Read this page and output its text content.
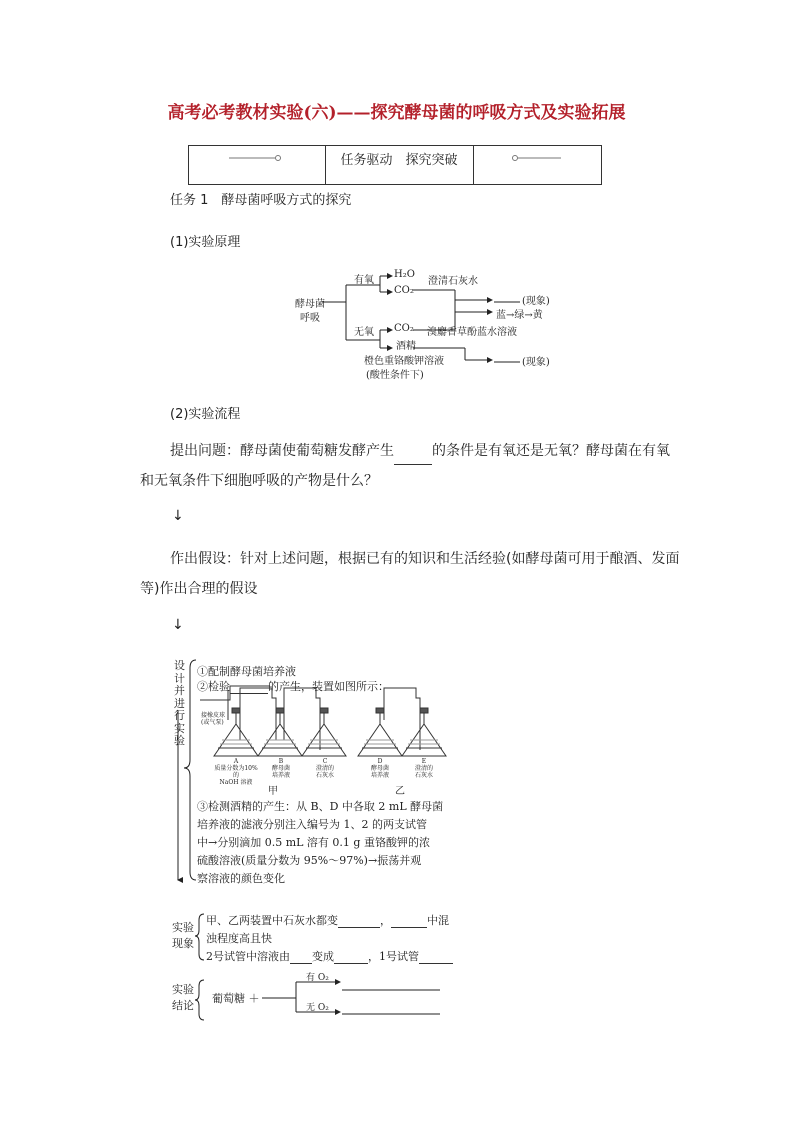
高考必考教材实验(六)——探究酵母菌的呼吸方式及实验拓展
任务驱动　探究突破
任务 1　酵母菌呼吸方式的探究
(1)实验原理
酵母菌
呼吸
有氧
无氧
H₂O
CO₂
CO₂
酒精
澄清石灰水
(现象)
溴麝香草酚蓝水溶液
蓝→绿→黄
橙色重铬酸钾溶液
(酸性条件下)
(现象)
(2)实验流程
提出问题：酵母菌使葡萄糖发酵产生	的条件是有氧还是无氧？酵母菌在有氧
和无氧条件下细胞呼吸的产物是什么？
↓
作出假设：针对上述问题，根据已有的知识和生活经验(如酵母菌可用于酿酒、发面
等)作出合理的假设
↓
设
计
并
进
行
实
验
①配制酵母菌培养液
②检验	的产生，装置如图所示：
接橡皮球
(或气泵)
A
质量分数为10%的
NaOH 溶液
B
酵母菌
培养液
C
澄清的
石灰水
D
酵母菌
培养液
E
澄清的
石灰水
甲	乙
③检测酒精的产生：从 B、D 中各取 2 mL 酵母菌
培养液的滤液分别注入编号为 1、2 的两支试管
中→分别滴加 0.5 mL 溶有 0.1 g 重铬酸钾的浓
硫酸溶液(质量分数为 95%～97%)→振荡并观
察溶液的颜色变化
实验
现象
甲、乙两装置中石灰水都变	，	中混
浊程度高且快
2号试管中溶液由 变成	，1号试管
实验
结论
葡萄糖 ＋
有 O₂
无 O₂
